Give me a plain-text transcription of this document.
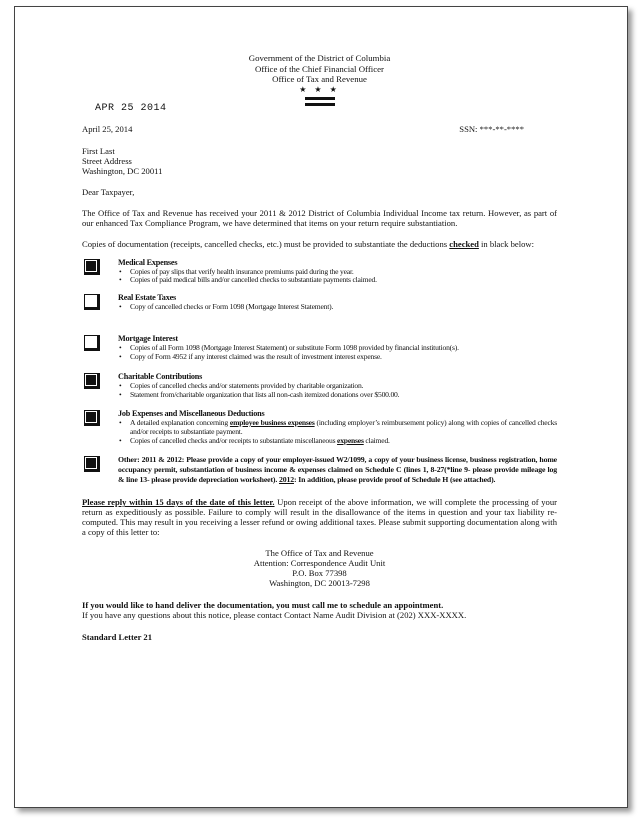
APR 25 2014
Government of the District of Columbia
Office of the Chief Financial Officer
Office of Tax and Revenue
★ ★ ★
April 25, 2014	SSN: ***-**-****
First Last
Street Address
Washington, DC 20011

Dear Taxpayer,

The Office of Tax and Revenue has received your 2011 & 2012 District of Columbia Individual Income tax return. However, as part of our enhanced Tax Compliance Program, we have determined that items on your return require substantiation.

Copies of documentation (receipts, cancelled checks, etc.) must be provided to substantiate the deductions checked in black below:

Medical Expenses
• Copies of pay slips that verify health insurance premiums paid during the year.
• Copies of paid medical bills and/or cancelled checks to substantiate payments claimed.
Real Estate Taxes
• Copy of cancelled checks or Form 1098 (Mortgage Interest Statement).
Mortgage Interest
• Copies of all Form 1098 (Mortgage Interest Statement) or substitute Form 1098 provided by financial institution(s).
• Copy of Form 4952 if any interest claimed was the result of investment interest expense.
Charitable Contributions
• Copies of cancelled checks and/or statements provided by charitable organization.
• Statement from/charitable organization that lists all non-cash itemized donations over $500.00.
Job Expenses and Miscellaneous Deductions
• A detailed explanation concerning employee business expenses (including employer’s reimbursement policy) along with copies of cancelled checks and/or receipts to substantiate payment.
• Copies of cancelled checks and/or receipts to substantiate miscellaneous expenses claimed.
Other: 2011 & 2012: Please provide a copy of your employer-issued W2/1099, a copy of your business license, business registration, home occupancy permit, substantiation of business income & expenses claimed on Schedule C (lines 1, 8-27(*line 9- please provide mileage log & line 13- please provide depreciation worksheet). 2012: In addition, please provide proof of Schedule H (see attached).

Please reply within 15 days of the date of this letter. Upon receipt of the above information, we will complete the processing of your return as expeditiously as possible. Failure to comply will result in the disallowance of the items in question and your tax liability re-computed. This may result in you receiving a lesser refund or owing additional taxes. Please submit supporting documentation along with a copy of this letter to:

The Office of Tax and Revenue
Attention: Correspondence Audit Unit
P.O. Box 77398
Washington, DC 20013-7298
If you would like to hand deliver the documentation, you must call me to schedule an appointment.
If you have any questions about this notice, please contact Contact Name Audit Division at (202) XXX-XXXX.
Standard Letter 21
